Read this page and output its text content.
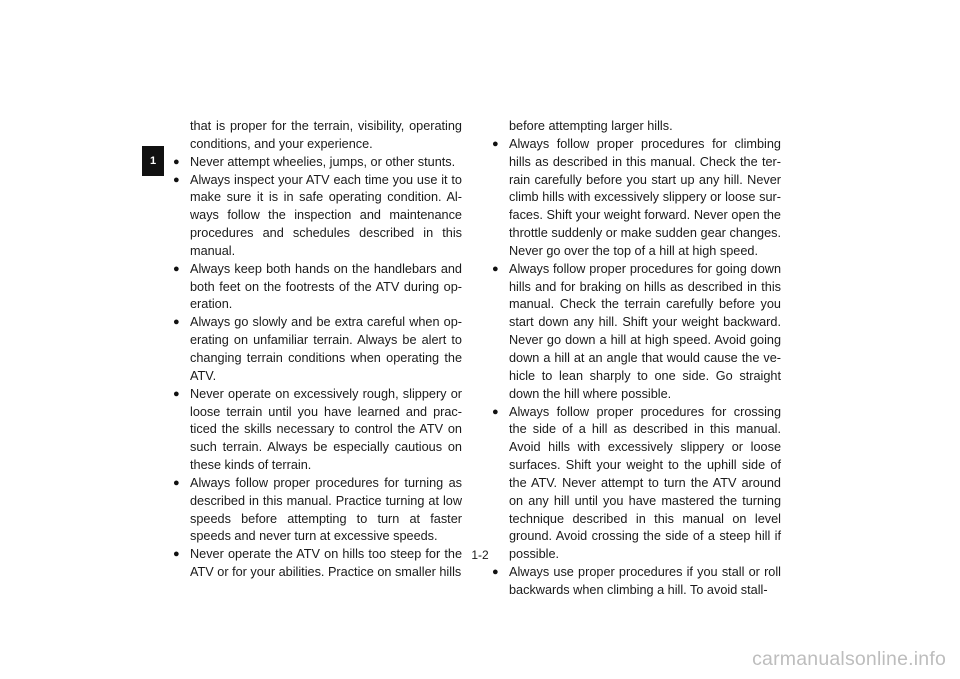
1

that is proper for the terrain, visibility, operating conditions, and your experience.

● Never attempt wheelies, jumps, or other stunts.

● Always inspect your ATV each time you use it to make sure it is in safe operating condition. Always follow the inspection and maintenance procedures and schedules described in this manual.

● Always keep both hands on the handlebars and both feet on the footrests of the ATV during operation.

● Always go slowly and be extra careful when operating on unfamiliar terrain. Always be alert to changing terrain conditions when operating the ATV.

● Never operate on excessively rough, slippery or loose terrain until you have learned and practiced the skills necessary to control the ATV on such terrain. Always be especially cautious on these kinds of terrain.

● Always follow proper procedures for turning as described in this manual. Practice turning at low speeds before attempting to turn at faster speeds and never turn at excessive speeds.

● Never operate the ATV on hills too steep for the ATV or for your abilities. Practice on smaller hills

before attempting larger hills.

● Always follow proper procedures for climbing hills as described in this manual. Check the terrain carefully before you start up any hill. Never climb hills with excessively slippery or loose surfaces. Shift your weight forward. Never open the throttle suddenly or make sudden gear changes. Never go over the top of a hill at high speed.

● Always follow proper procedures for going down hills and for braking on hills as described in this manual. Check the terrain carefully before you start down any hill. Shift your weight backward. Never go down a hill at high speed. Avoid going down a hill at an angle that would cause the vehicle to lean sharply to one side. Go straight down the hill where possible.

● Always follow proper procedures for crossing the side of a hill as described in this manual. Avoid hills with excessively slippery or loose surfaces. Shift your weight to the uphill side of the ATV. Never attempt to turn the ATV around on any hill until you have mastered the turning technique described in this manual on level ground. Avoid crossing the side of a steep hill if possible.

● Always use proper procedures if you stall or roll backwards when climbing a hill. To avoid stall-

1-2
carmanualsonline.info
